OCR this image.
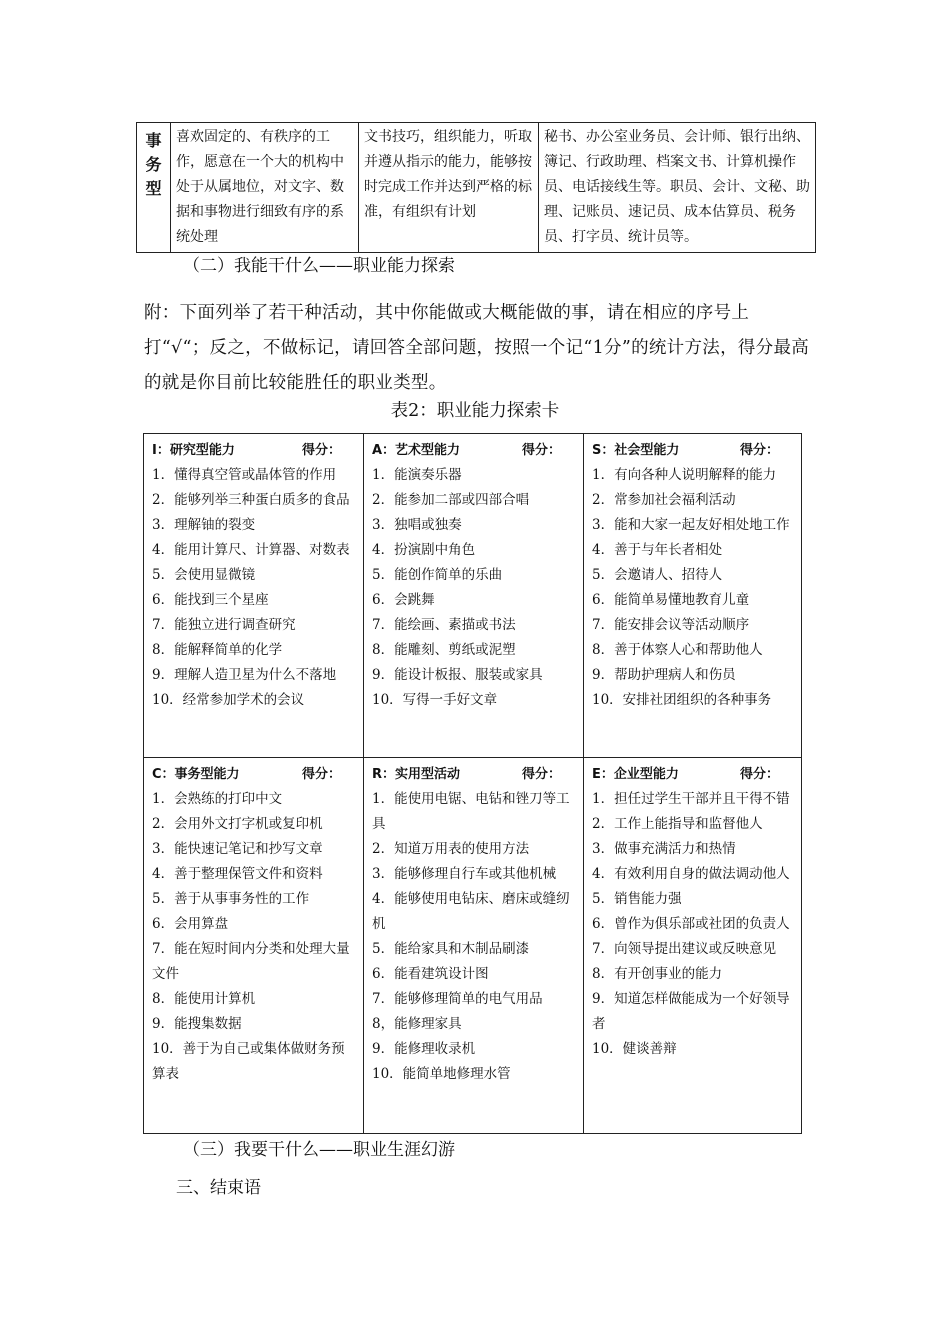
事
务
型
	喜欢固定的、有秩序的工作，愿意在一个大的机构中处于从属地位，对文字、数据和事物进行细致有序的系统处理	文书技巧，组织能力，听取并遵从指示的能力，能够按时完成工作并达到严格的标准，有组织有计划	秘书、办公室业务员、会计师、银行出纳、簿记、行政助理、档案文书、计算机操作员、电话接线生等。职员、会计、文秘、助理、记账员、速记员、成本估算员、税务员、打字员、统计员等。
（二）我能干什么——职业能力探索
附：下面列举了若干种活动，其中你能做或大概能做的事，请在相应的序号上打“√“；反之，不做标记，请回答全部问题，按照一个记“1分”的统计方法，得分最高的就是你目前比较能胜任的职业类型。
表2：职业能力探索卡
I：研究型能力	得分：
1．懂得真空管或晶体管的作用
2．能够列举三种蛋白质多的食品
3．理解铀的裂变
4．能用计算尺、计算器、对数表
5．会使用显微镜
6．能找到三个星座
7．能独立进行调查研究
8．能解释简单的化学
9．理解人造卫星为什么不落地
10．经常参加学术的会议
A：艺术型能力	得分：
1．能演奏乐器
2．能参加二部或四部合唱
3．独唱或独奏
4．扮演剧中角色
5．能创作简单的乐曲
6．会跳舞
7．能绘画、素描或书法
8．能雕刻、剪纸或泥塑
9．能设计板报、服装或家具
10．写得一手好文章
S：社会型能力	得分：
1．有向各种人说明解释的能力
2．常参加社会福利活动
3．能和大家一起友好相处地工作
4．善于与年长者相处
5．会邀请人、招待人
6．能简单易懂地教育儿童
7．能安排会议等活动顺序
8．善于体察人心和帮助他人
9．帮助护理病人和伤员
10．安排社团组织的各种事务
C：事务型能力	得分：
1．会熟练的打印中文
2．会用外文打字机或复印机
3．能快速记笔记和抄写文章
4．善于整理保管文件和资料
5．善于从事事务性的工作
6．会用算盘
7．能在短时间内分类和处理大量文件
8．能使用计算机
9．能搜集数据
10．善于为自己或集体做财务预算表
R：实用型活动	得分：
1．能使用电锯、电钻和锉刀等工具
2．知道万用表的使用方法
3．能够修理自行车或其他机械
4．能够使用电钻床、磨床或缝纫机
5．能给家具和木制品刷漆
6．能看建筑设计图
7．能够修理简单的电气用品
8，能修理家具
9．能修理收录机
10．能简单地修理水管
E：企业型能力	得分：
1．担任过学生干部并且干得不错
2．工作上能指导和监督他人
3．做事充满活力和热情
4．有效利用自身的做法调动他人
5．销售能力强
6．曾作为俱乐部或社团的负责人
7．向领导提出建议或反映意见
8．有开创事业的能力
9．知道怎样做能成为一个好领导者
10．健谈善辩
（三）我要干什么——职业生涯幻游
三、结束语
